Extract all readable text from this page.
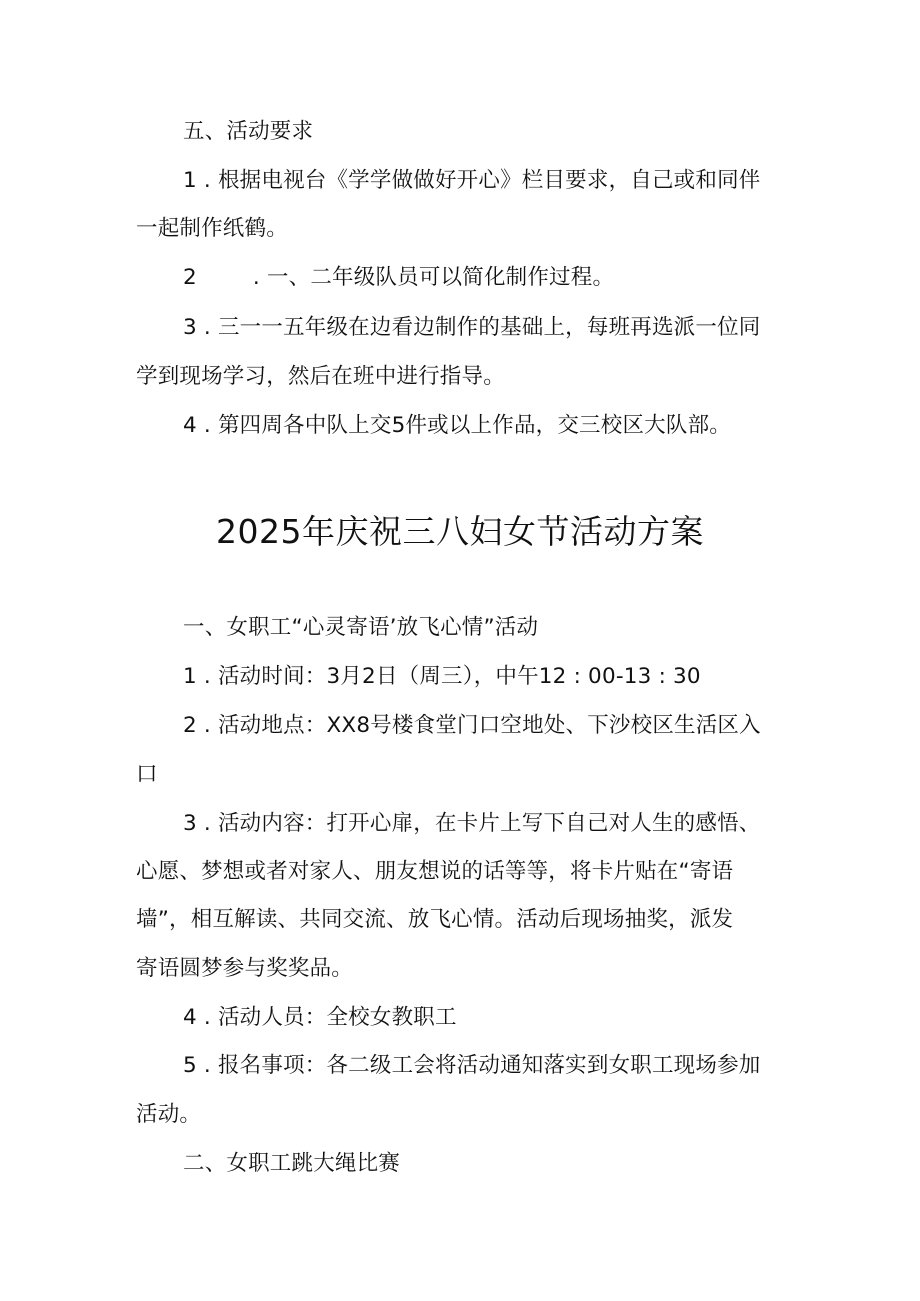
五、活动要求
1 . 根据电视台《学学做做好开心》栏目要求，自己或和同伴
一起制作纸鹤。
2	. 一、二年级队员可以简化制作过程。
3 . 三一一五年级在边看边制作的基础上，每班再选派一位同
学到现场学习，然后在班中进行指导。
4 . 第四周各中队上交5件或以上作品，交三校区大队部。
2025年庆祝三八妇女节活动方案
一、女职工“心灵寄语’放飞心情”活动
1 . 活动时间：3月2日（周三），中午12 : 00-13 : 30
2 . 活动地点：XX8号楼食堂门口空地处、下沙校区生活区入
口
3 . 活动内容：打开心扉，在卡片上写下自己对人生的感悟、
心愿、梦想或者对家人、朋友想说的话等等，将卡片贴在“寄语
墙”，相互解读、共同交流、放飞心情。活动后现场抽奖，派发
寄语圆梦参与奖奖品。
4 . 活动人员：全校女教职工
5 . 报名事项：各二级工会将活动通知落实到女职工现场参加
活动。
二、女职工跳大绳比赛
